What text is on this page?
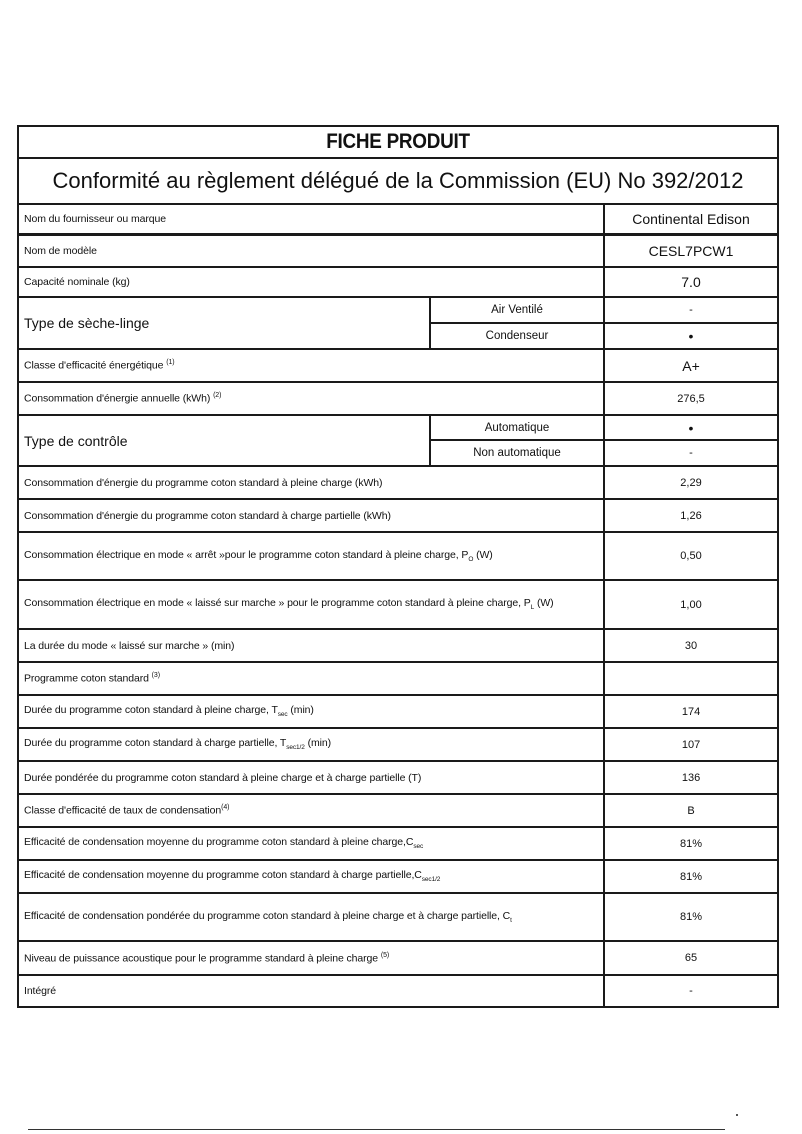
FICHE PRODUIT		
Conformité au règlement délégué de la Commission (EU) No 392/2012		
Nom du fournisseur ou marque		Continental Edison
Nom de modèle		CESL7PCW1
Capacité nominale (kg)		7.0
Type de sèche-linge	Air Ventilé	-
	Condenseur	•
Classe d'efficacité énergétique $^{(1)}$		A+
Consommation d'énergie annuelle (kWh) $^{(2)}$		276,5
Type de contrôle	Automatique	•
	Non automatique	-
Consommation d'énergie du programme coton standard à pleine charge (kWh)		2,29
Consommation d'énergie du programme coton standard à charge partielle (kWh)		1,26
Consommation électrique en mode « arrêt »pour le programme coton standard à pleine charge, $P_O$ (W)		0,50
Consommation électrique en mode « laissé sur marche » pour le programme coton standard à pleine charge, $P_L$ (W)		1,00
La durée du mode « laissé sur marche » (min)		30
Programme coton standard $^{(3)}$	
Durée du programme coton standard à pleine charge, $T_{sec}$ (min)		174
Durée du programme coton standard à charge partielle, $T_{sec1/2}$ (min)		107
Durée pondérée du programme coton standard à pleine charge et à charge partielle (T)		136
Classe d'efficacité de taux de condensation$^{(4)}$		B
Efficacité de condensation moyenne du programme coton standard à pleine $charge,C_{sec}$		81%
Efficacité de condensation moyenne du programme coton standard à charge $partielle,C_{sec1/2}$		81%
Efficacité de condensation pondérée du programme coton standard à pleine charge et à charge partielle, $C_t$		81%
Niveau de puissance acoustique pour le programme standard à pleine charge $^{(5)}$		65
Intégré		-
